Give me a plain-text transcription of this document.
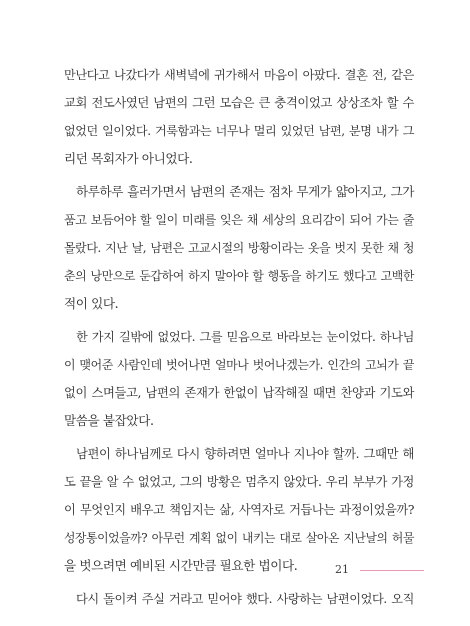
만난다고 나갔다가 새벽녘에 귀가해서 마음이 아팠다. 결혼 전, 같은
교회 전도사였던 남편의 그런 모습은 큰 충격이었고 상상조차 할 수
없었던 일이었다. 거룩함과는 너무나 멀리 있었던 남편, 분명 내가 그
리던 목회자가 아니었다.

하루하루 흘러가면서 남편의 존재는 점차 무게가 얇아지고, 그가
품고 보듬어야 할 일이 미래를 잊은 채 세상의 요리감이 되어 가는 줄
몰랐다. 지난 날, 남편은 고교시절의 방황이라는 옷을 벗지 못한 채 청
춘의 낭만으로 둔갑하여 하지 말아야 할 행동을 하기도 했다고 고백한
적이 있다.

한 가지 길밖에 없었다. 그를 믿음으로 바라보는 눈이었다. 하나님
이 맺어준 사람인데 벗어나면 얼마나 벗어나겠는가. 인간의 고뇌가 끝
없이 스며들고, 남편의 존재가 한없이 납작해질 때면 찬양과 기도와
말씀을 붙잡았다.

남편이 하나님께로 다시 향하려면 얼마나 지나야 할까. 그때만 해
도 끝을 알 수 없었고, 그의 방황은 멈추지 않았다. 우리 부부가 가정
이 무엇인지 배우고 책임지는 삶, 사역자로 거듭나는 과정이었을까?
성장통이었을까? 아무런 계획 없이 내키는 대로 살아온 지난날의 허물
을 벗으려면 예비된 시간만큼 필요한 법이다.

다시 돌이켜 주실 거라고 믿어야 했다. 사랑하는 남편이었다. 오직

21
